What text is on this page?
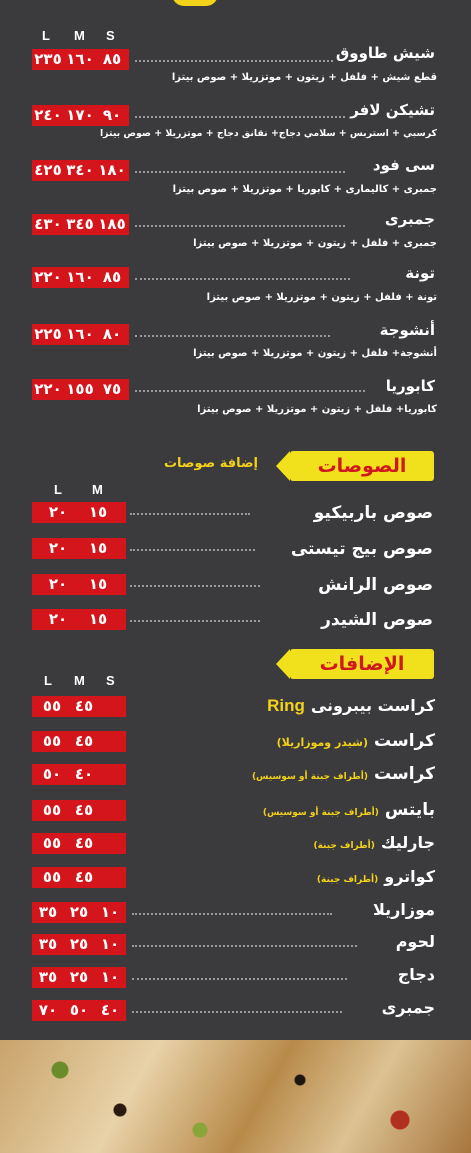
L M S
٢٣٥ ١٦٠ ٨٥	شيش طاووق
قطع شيش + فلفل + زيتون + موتزريلا + صوص بيتزا
٢٤٠ ١٧٠ ٩٠	تشيكن لافر
كرسبي + استربس + سلامي دجاج+ نقانق دجاج + موتزريلا + صوص بيتزا
٤٢٥ ٣٤٠ ١٨٠	سى فود
جمبرى + كاليمارى + كابوريا + موتزريلا + صوص بيتزا
٤٣٠ ٣٤٥ ١٨٥	جمبرى
جمبرى + فلفل + زيتون + موتزريلا + صوص بيتزا
٢٢٠ ١٦٠ ٨٥	تونة
تونة + فلفل + زيتون + موتزريلا + صوص بيتزا
٢٢٥ ١٦٠ ٨٠	أنشوجة
أنشوجة+ فلفل + زيتون + موتزريلا + صوص بيتزا
٢٢٠ ١٥٥ ٧٥	كابوريا
كابوريا+ فلفل + زيتون + موتزريلا + صوص بيتزا
الصوصات
إضافة صوصات
L M
٢٠	١٥	صوص باربيكيو
٢٠	١٥	صوص بيج تيستى
٢٠	١٥	صوص الرانش
٢٠	١٥	صوص الشيدر
الإضافات
L M S
٥٥ ٤٥	كراست بيبرونىRing
٥٥ ٤٥	كراست(شيدر وموزاريلا)
٥٠ ٤٠	كراست(أطراف جبنة أو سوسيس)
٥٥ ٤٥	بايتس(أطراف جبنة أو سوسيس)
٥٥ ٤٥	جارليك(أطراف جبنة)
٥٥ ٤٥	كواترو(أطراف جبنة)
٣٥ ٢٥ ١٠	موزاريلا
٣٥ ٢٥ ١٠	لحوم
٣٥ ٢٥ ١٠	دجاج
٧٠ ٥٠ ٤٠	جمبرى
